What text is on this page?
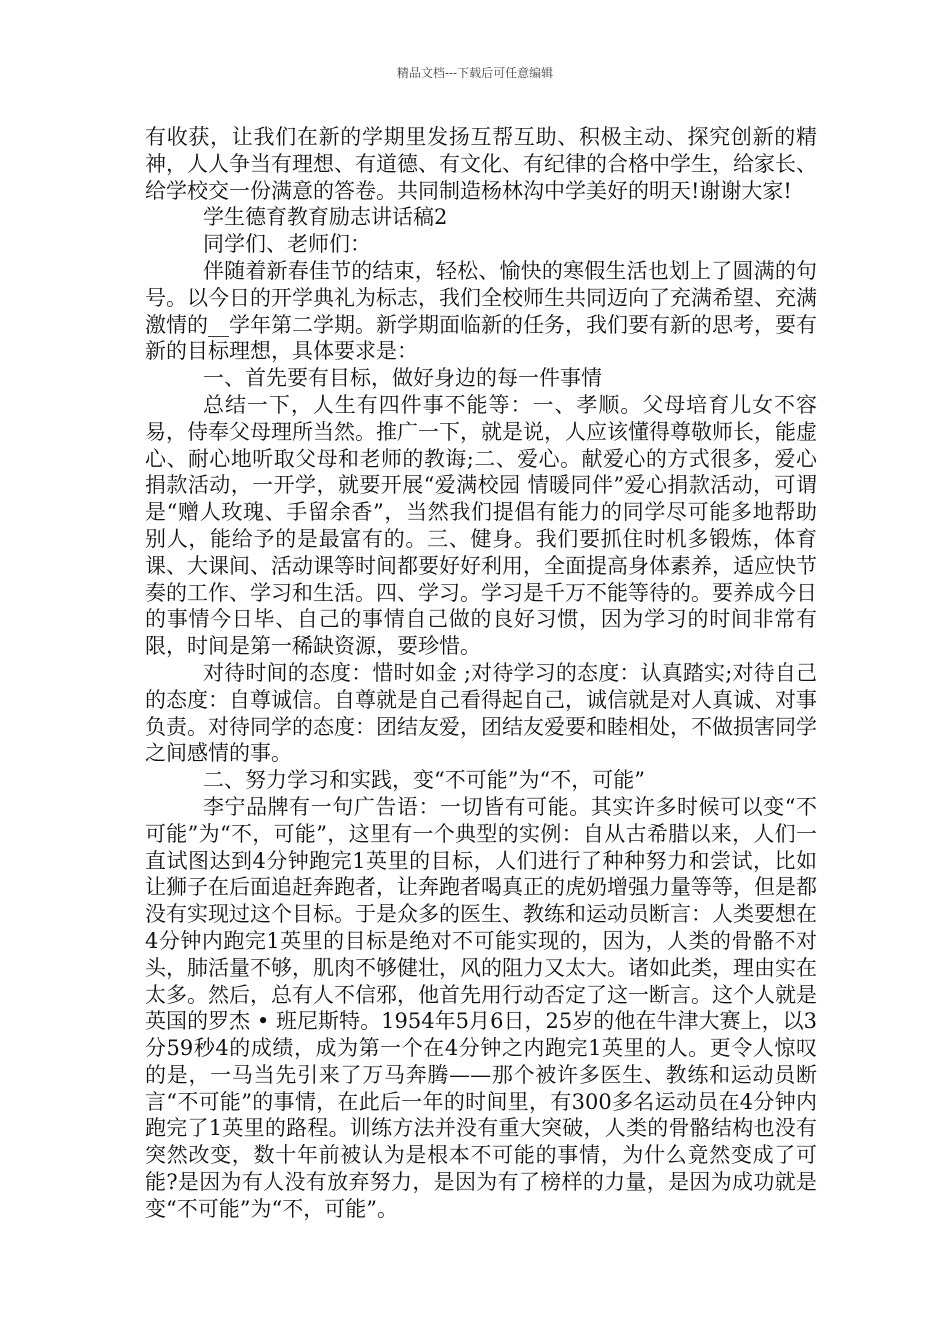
精品文档---下载后可任意编辑

有收获，让我们在新的学期里发扬互帮互助、积极主动、探究创新的精神，人人争当有理想、有道德、有文化、有纪律的合格中学生，给家长、给学校交一份满意的答卷。共同制造杨林沟中学美好的明天!谢谢大家!

学生德育教育励志讲话稿2

同学们、老师们：

伴随着新春佳节的结束，轻松、愉快的寒假生活也划上了圆满的句号。以今日的开学典礼为标志，我们全校师生共同迈向了充满希望、充满激情的__学年第二学期。新学期面临新的任务，我们要有新的思考，要有新的目标理想，具体要求是：

一、首先要有目标，做好身边的每一件事情

总结一下，人生有四件事不能等：一、孝顺。父母培育儿女不容易，侍奉父母理所当然。推广一下，就是说，人应该懂得尊敬师长，能虚心、耐心地听取父母和老师的教诲;二、爱心。献爱心的方式很多，爱心捐款活动，一开学，就要开展“爱满校园 情暖同伴”爱心捐款活动，可谓是“赠人玫瑰、手留余香”，当然我们提倡有能力的同学尽可能多地帮助别人，能给予的是最富有的。三、健身。我们要抓住时机多锻炼，体育课、大课间、活动课等时间都要好好利用，全面提高身体素养，适应快节奏的工作、学习和生活。四、学习。学习是千万不能等待的。要养成今日的事情今日毕、自己的事情自己做的良好习惯，因为学习的时间非常有限，时间是第一稀缺资源，要珍惜。

对待时间的态度：惜时如金 ;对待学习的态度：认真踏实;对待自己的态度：自尊诚信。自尊就是自己看得起自己，诚信就是对人真诚、对事负责。对待同学的态度：团结友爱，团结友爱要和睦相处，不做损害同学之间感情的事。

二、努力学习和实践，变“不可能”为“不，可能”

李宁品牌有一句广告语：一切皆有可能。其实许多时候可以变“不可能”为“不，可能”，这里有一个典型的实例：自从古希腊以来，人们一直试图达到4分钟跑完1英里的目标，人们进行了种种努力和尝试，比如让狮子在后面追赶奔跑者，让奔跑者喝真正的虎奶增强力量等等，但是都没有实现过这个目标。于是众多的医生、教练和运动员断言：人类要想在4分钟内跑完1英里的目标是绝对不可能实现的，因为，人类的骨骼不对头，肺活量不够，肌肉不够健壮，风的阻力又太大。诸如此类，理由实在太多。然后，总有人不信邪，他首先用行动否定了这一断言。这个人就是英国的罗杰 • 班尼斯特。1954年5月6日，25岁的他在牛津大赛上，以3分59秒4的成绩，成为第一个在4分钟之内跑完1英里的人。更令人惊叹的是，一马当先引来了万马奔腾——那个被许多医生、教练和运动员断言“不可能”的事情，在此后一年的时间里，有300多名运动员在4分钟内跑完了1英里的路程。训练方法并没有重大突破，人类的骨骼结构也没有突然改变，数十年前被认为是根本不可能的事情，为什么竟然变成了可能?是因为有人没有放弃努力，是因为有了榜样的力量，是因为成功就是变“不可能”为“不，可能”。
